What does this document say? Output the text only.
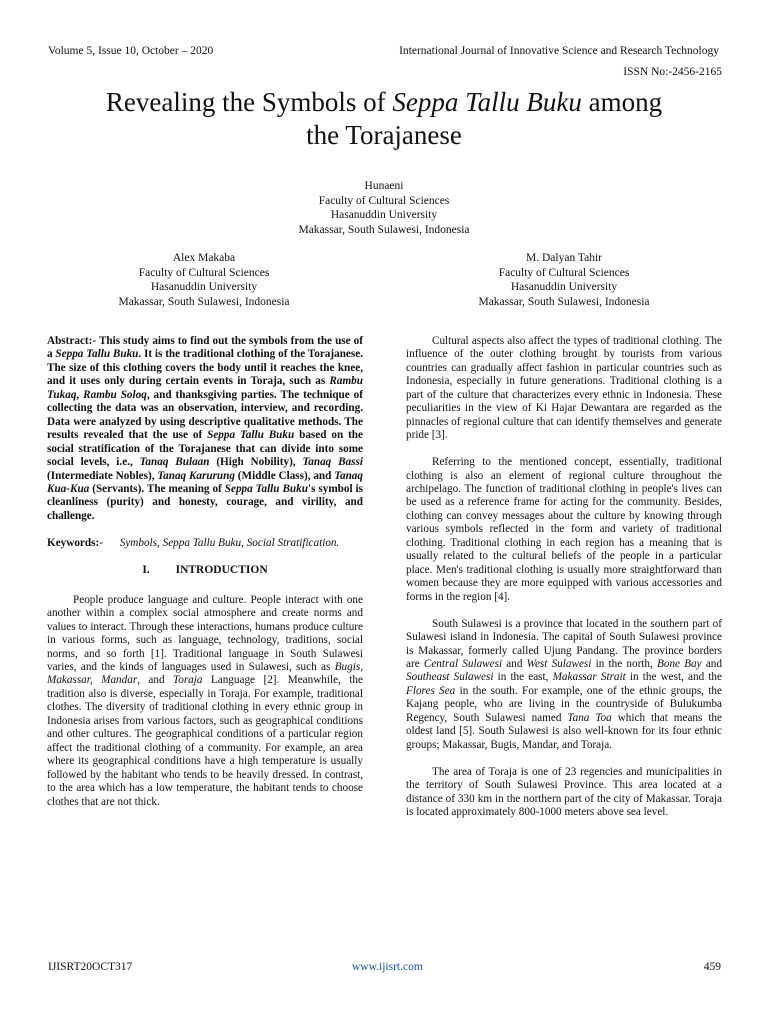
Volume 5, Issue 10, October – 2020	International Journal of Innovative Science and Research Technology
ISSN No:-2456-2165
Revealing the Symbols of Seppa Tallu Buku among
the Torajanese
Hunaeni
Faculty of Cultural Sciences
Hasanuddin University
Makassar, South Sulawesi, Indonesia
Alex Makaba
Faculty of Cultural Sciences
Hasanuddin University
Makassar, South Sulawesi, Indonesia
M. Dalyan Tahir
Faculty of Cultural Sciences
Hasanuddin University
Makassar, South Sulawesi, Indonesia

Abstract:- This study aims to find out the symbols from the use of a Seppa Tallu Buku. It is the traditional clothing of the Torajanese. The size of this clothing covers the body until it reaches the knee, and it uses only during certain events in Toraja, such as Rambu Tukaq, Rambu Soloq, and thanksgiving parties. The technique of collecting the data was an observation, interview, and recording. Data were analyzed by using descriptive qualitative methods. The results revealed that the use of Seppa Tallu Buku based on the social stratification of the Torajanese that can divide into some social levels, i.e., Tanaq Bulaan (High Nobility), Tanaq Bassi (Intermediate Nobles), Tanaq Karurung (Middle Class), and Tanaq Kua-Kua (Servants). The meaning of Seppa Tallu Buku's symbol is cleanliness (purity) and honesty, courage, and virility, and challenge.

Keywords:- Symbols, Seppa Tallu Buku, Social Stratification.

I. INTRODUCTION

People produce language and culture. People interact with one another within a complex social atmosphere and create norms and values to interact. Through these interactions, humans produce culture in various forms, such as language, technology, traditions, social norms, and so forth [1]. Traditional language in South Sulawesi varies, and the kinds of languages used in Sulawesi, such as Bugis, Makassar, Mandar, and Toraja Language [2]. Meanwhile, the tradition also is diverse, especially in Toraja. For example, traditional clothes. The diversity of traditional clothing in every ethnic group in Indonesia arises from various factors, such as geographical conditions and other cultures. The geographical conditions of a particular region affect the traditional clothing of a community. For example, an area where its geographical conditions have a high temperature is usually followed by the habitant who tends to be heavily dressed. In contrast, to the area which has a low temperature, the habitant tends to choose clothes that are not thick.

Cultural aspects also affect the types of traditional clothing. The influence of the outer clothing brought by tourists from various countries can gradually affect fashion in particular countries such as Indonesia, especially in future generations. Traditional clothing is a part of the culture that characterizes every ethnic in Indonesia. These peculiarities in the view of Ki Hajar Dewantara are regarded as the pinnacles of regional culture that can identify themselves and generate pride [3].

Referring to the mentioned concept, essentially, traditional clothing is also an element of regional culture throughout the archipelago. The function of traditional clothing in people's lives can be used as a reference frame for acting for the community. Besides, clothing can convey messages about the culture by knowing through various symbols reflected in the form and variety of traditional clothing. Traditional clothing in each region has a meaning that is usually related to the cultural beliefs of the people in a particular place. Men's traditional clothing is usually more straightforward than women because they are more equipped with various accessories and forms in the region [4].

South Sulawesi is a province that located in the southern part of Sulawesi island in Indonesia. The capital of South Sulawesi province is Makassar, formerly called Ujung Pandang. The province borders are Central Sulawesi and West Sulawesi in the north, Bone Bay and Southeast Sulawesi in the east, Makassar Strait in the west, and the Flores Sea in the south. For example, one of the ethnic groups, the Kajang people, who are living in the countryside of Bulukumba Regency, South Sulawesi named Tana Toa which that means the oldest land [5]. South Sulawesi is also well-known for its four ethnic groups; Makassar, Bugis, Mandar, and Toraja.

The area of Toraja is one of 23 regencies and municipalities in the territory of South Sulawesi Province. This area located at a distance of 330 km in the northern part of the city of Makassar. Toraja is located approximately 800-1000 meters above sea level.

IJISRT20OCT317	www.ijisrt.com	459
